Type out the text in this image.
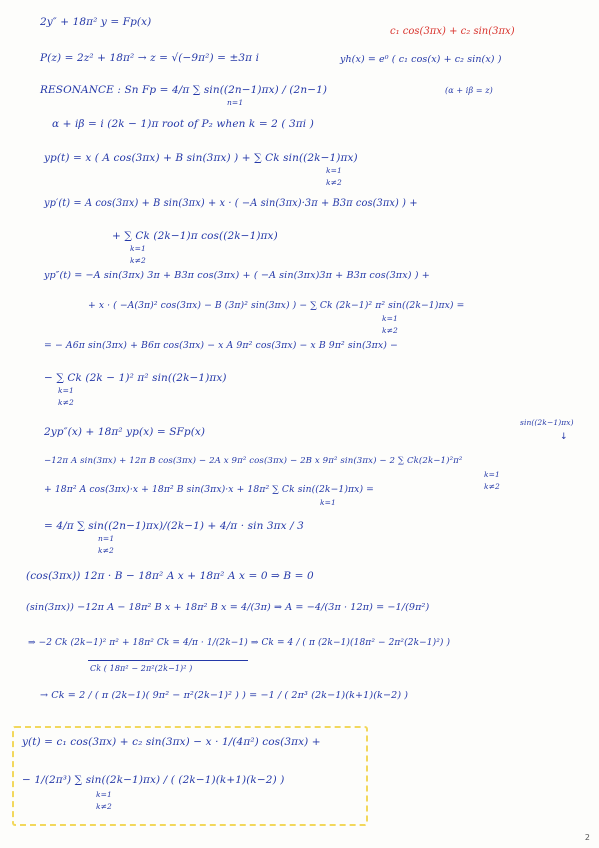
2y″ + 18π² y = Fp(x)
c₁ cos(3πx) + c₂ sin(3πx)
P(z) = 2z² + 18π² → z = √(−9π²) = ±3π i	yh(x) = e⁰ ( c₁ cos(x) + c₂ sin(x) )
RESONANCE : Sn Fp = 4/π ∑ sin((2n−1)πx) / (2n−1)	(α + iβ = z)
n=1
α + iβ = i (2k − 1)π root of P₂ when k = 2 ( 3πi )
yp(t) = x ( A cos(3πx) + B sin(3πx) ) + ∑ Ck sin((2k−1)πx)
k=1
k≠2
yp′(t) = A cos(3πx) + B sin(3πx) + x · ( −A sin(3πx)·3π + B3π cos(3πx) ) +
+ ∑ Ck (2k−1)π cos((2k−1)πx)
k=1
k≠2
yp″(t) = −A sin(3πx) 3π + B3π cos(3πx) + ( −A sin(3πx)3π + B3π cos(3πx) ) +
+ x · ( −A(3π)² cos(3πx) − B (3π)² sin(3πx) ) − ∑ Ck (2k−1)² π² sin((2k−1)πx) =
k=1
k≠2
= − A6π sin(3πx) + B6π cos(3πx) − x A 9π² cos(3πx) − x B 9π² sin(3πx) −
− ∑ Ck (2k − 1)² π² sin((2k−1)πx)
k=1
k≠2
2yp″(x) + 18π² yp(x) = SFp(x)
sin((2k−1)πx)
↓
−12π A sin(3πx) + 12π B cos(3πx) − 2A x 9π² cos(3πx) − 2B x 9π² sin(3πx) − 2 ∑ Ck(2k−1)²π²
k=1
k≠2
+ 18π² A cos(3πx)·x + 18π² B sin(3πx)·x + 18π² ∑ Ck sin((2k−1)πx) =
k=1
= 4/π ∑ sin((2n−1)πx)/(2k−1) + 4/π · sin 3πx / 3
n=1
k≠2
(cos(3πx)) 12π · B − 18π² A x + 18π² A x = 0 ⇒ B = 0
(sin(3πx)) −12π A − 18π² B x + 18π² B x = 4/(3π) ⇒ A = −4/(3π · 12π) = −1/(9π²)
⇒ −2 Ck (2k−1)² π² + 18π² Ck = 4/π · 1/(2k−1) ⇒ Ck = 4 / ( π (2k−1)(18π² − 2π²(2k−1)²) )
Ck ( 18π² − 2π²(2k−1)² )
→ Ck = 2 / ( π (2k−1)( 9π² − π²(2k−1)² ) ) = −1 / ( 2π³ (2k−1)(k+1)(k−2) )
y(t) = c₁ cos(3πx) + c₂ sin(3πx) − x · 1/(4π²) cos(3πx) +
− 1/(2π³) ∑ sin((2k−1)πx) / ( (2k−1)(k+1)(k−2) )
k=1
k≠2
2
